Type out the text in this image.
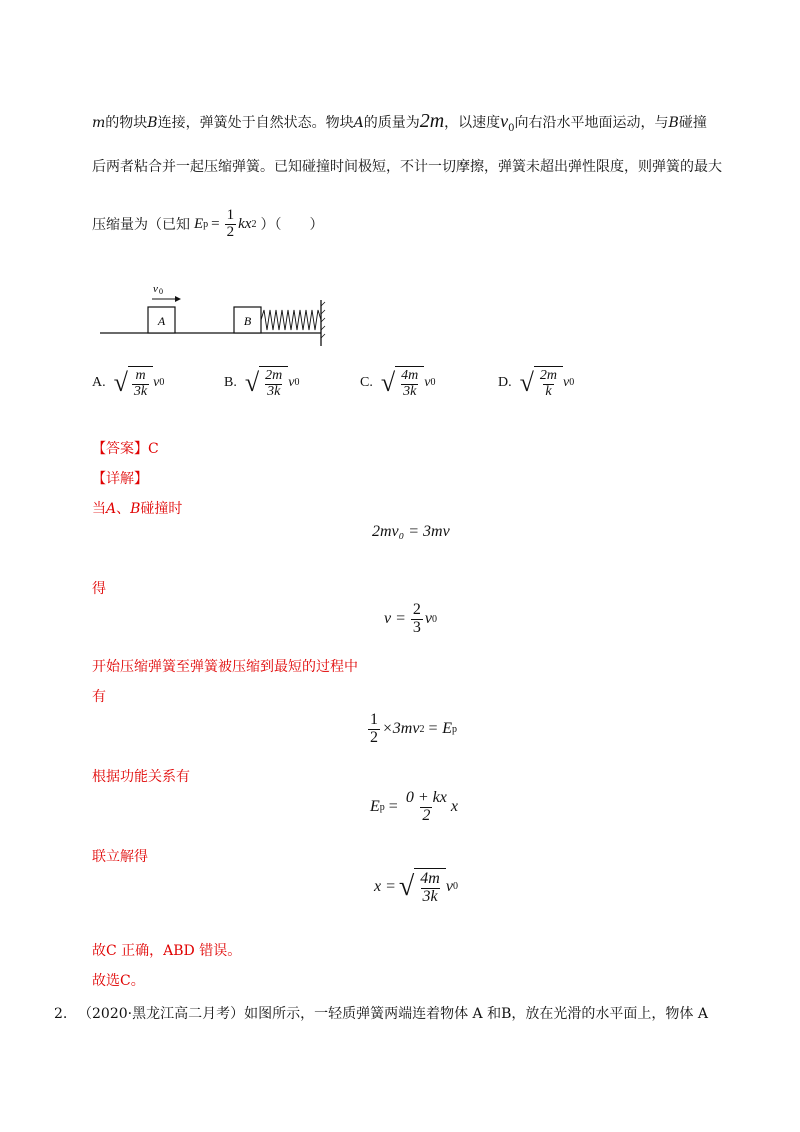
m的物块B连接，弹簧处于自然状态。物块A的质量为2m，以速度$v_0$向右沿水平地面运动，与B碰撞
后两者粘合并一起压缩弹簧。已知碰撞时间极短，不计一切摩擦，弹簧未超出弹性限度，则弹簧的最大
压缩量为（已知 E $p = \frac{1}{2}$ kx 2 ）（　　）
A	B
v 0
A. √ $\frac{m}{3k}$ v 0	B. √ $\frac{2m}{3k}$ v 0	C. √ $\frac{4m}{3k}$ v 0	D. √ $\frac{2m}{k}$ v 0
【答案】C
【详解】
当A、B碰撞时
2mv₀ = 3mv
得
$v = \frac{2}{3}$ v 0
开始压缩弹簧至弹簧被压缩到最短的过程中
有
$\frac{1}{2} \times 3mv$ 2 = E p
根据功能关系有
E $p = \frac{0 + kx}{2}$ x
联立解得
x = √ $\frac{4m}{3k}$ v 0
故C 正确，ABD 错误。
故选C。
2. （2020·黑龙江高二月考）如图所示，一轻质弹簧两端连着物体 A 和B，放在光滑的水平面上，物体 A
